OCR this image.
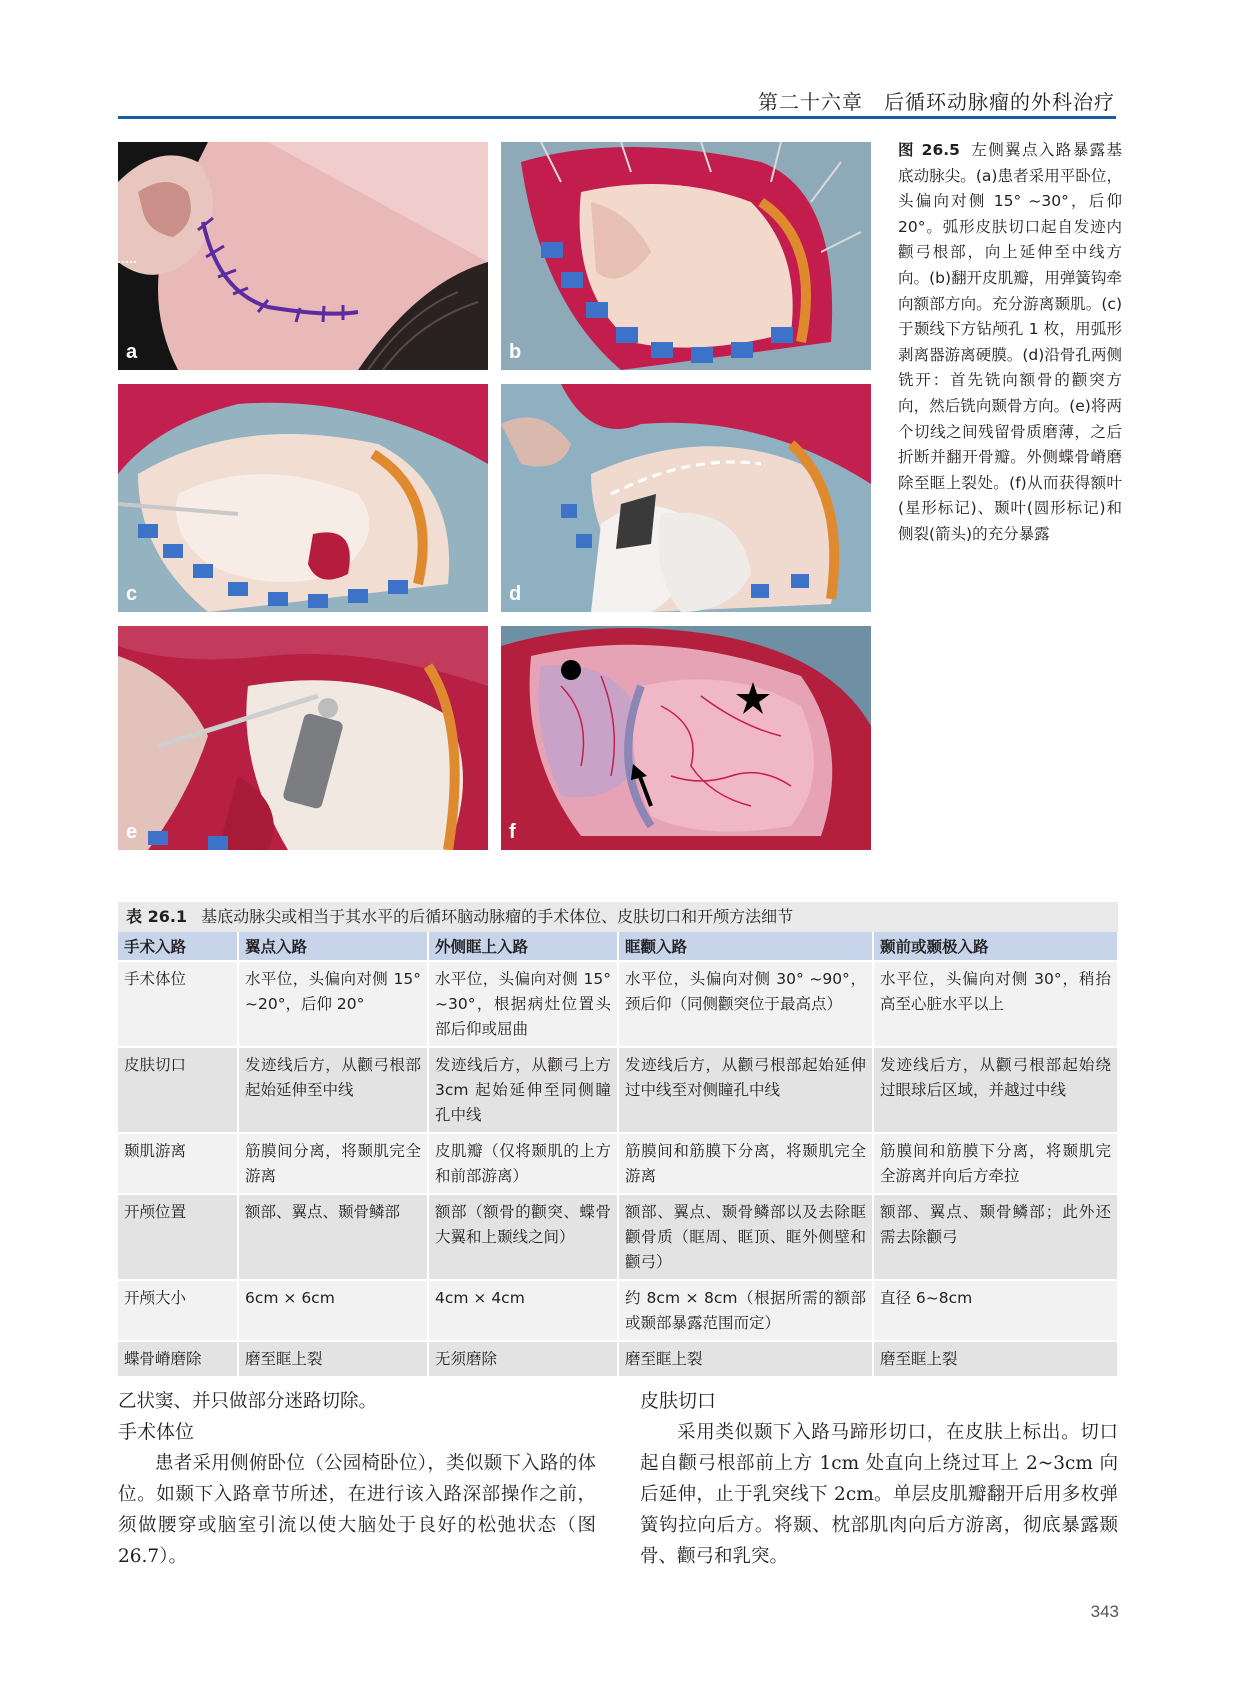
第二十六章　后循环动脉瘤的外科治疗
a	b
c	d
e	f
图 26.5 左侧翼点入路暴露基底动脉尖。(a)患者采用平卧位，头偏向对侧 15° ~30°，后仰 20°。弧形皮肤切口起自发迹内颧弓根部，向上延伸至中线方向。(b)翻开皮肌瓣，用弹簧钩牵向额部方向。充分游离颞肌。(c)于颞线下方钻颅孔 1 枚，用弧形剥离器游离硬膜。(d)沿骨孔两侧铣开：首先铣向额骨的颧突方向，然后铣向颞骨方向。(e)将两个切线之间残留骨质磨薄，之后折断并翻开骨瓣。外侧蝶骨嵴磨除至眶上裂处。(f)从而获得额叶(星形标记)、颞叶(圆形标记)和侧裂(箭头)的充分暴露
表 26.1 基底动脉尖或相当于其水平的后循环脑动脉瘤的手术体位、皮肤切口和开颅方法细节
手术入路	翼点入路	外侧眶上入路	眶颧入路	颞前或颞极入路
手术体位	水平位，头偏向对侧 15° ~20°，后仰 20°	水平位，头偏向对侧 15° ~30°，根据病灶位置头部后仰或屈曲	水平位，头偏向对侧 30° ~90°，颈后仰（同侧颧突位于最高点）	水平位，头偏向对侧 30°，稍抬高至心脏水平以上
皮肤切口	发迹线后方，从颧弓根部起始延伸至中线	发迹线后方，从颧弓上方 3cm 起始延伸至同侧瞳孔中线	发迹线后方，从颧弓根部起始延伸过中线至对侧瞳孔中线	发迹线后方，从颧弓根部起始绕过眼球后区域，并越过中线
颞肌游离	筋膜间分离，将颞肌完全游离	皮肌瓣（仅将颞肌的上方和前部游离）	筋膜间和筋膜下分离，将颞肌完全游离	筋膜间和筋膜下分离，将颞肌完全游离并向后方牵拉
开颅位置	额部、翼点、颞骨鳞部	额部（额骨的颧突、蝶骨大翼和上颞线之间）	额部、翼点、颞骨鳞部以及去除眶颧骨质（眶周、眶顶、眶外侧壁和颧弓）	额部、翼点、颞骨鳞部；此外还需去除颧弓
开颅大小	6cm × 6cm	4cm × 4cm	约 8cm × 8cm（根据所需的额部或颞部暴露范围而定）	直径 6~8cm
蝶骨嵴磨除	磨至眶上裂	无须磨除	磨至眶上裂	磨至眶上裂

乙状窦、并只做部分迷路切除。

手术体位

患者采用侧俯卧位（公园椅卧位），类似颞下入路的体位。如颞下入路章节所述，在进行该入路深部操作之前，须做腰穿或脑室引流以使大脑处于良好的松弛状态（图 26.7）。

皮肤切口

采用类似颞下入路马蹄形切口，在皮肤上标出。切口起自颧弓根部前上方 1cm 处直向上绕过耳上 2~3cm 向后延伸，止于乳突线下 2cm。单层皮肌瓣翻开后用多枚弹簧钩拉向后方。将颞、枕部肌肉向后方游离，彻底暴露颞骨、颧弓和乳突。

343
